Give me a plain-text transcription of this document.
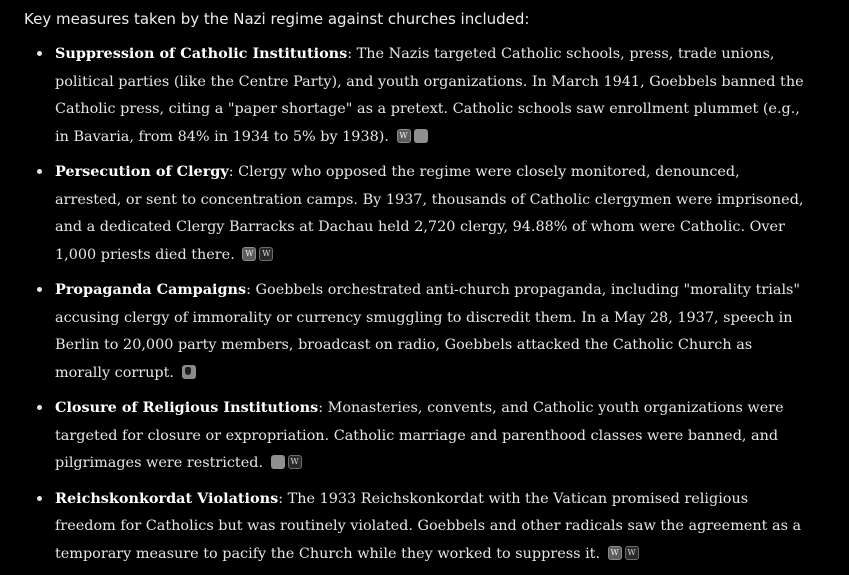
Key measures taken by the Nazi regime against churches included:

Suppression of Catholic Institutions: The Nazis targeted Catholic schools, press, trade unions, political parties (like the Centre Party), and youth organizations. In March 1941, Goebbels banned the Catholic press, citing a "paper shortage" as a pretext. Catholic schools saw enrollment plummet (e.g., in Bavaria, from 84% in 1934 to 5% by 1938). W
Persecution of Clergy: Clergy who opposed the regime were closely monitored, denounced, arrested, or sent to concentration camps. By 1937, thousands of Catholic clergymen were imprisoned, and a dedicated Clergy Barracks at Dachau held 2,720 clergy, 94.88% of whom were Catholic. Over 1,000 priests died there. WW
Propaganda Campaigns: Goebbels orchestrated anti-church propaganda, including "morality trials" accusing clergy of immorality or currency smuggling to discredit them. In a May 28, 1937, speech in Berlin to 20,000 party members, broadcast on radio, Goebbels attacked the Catholic Church as morally corrupt.
Closure of Religious Institutions: Monasteries, convents, and Catholic youth organizations were targeted for closure or expropriation. Catholic marriage and parenthood classes were banned, and pilgrimages were restricted. W
Reichskonkordat Violations: The 1933 Reichskonkordat with the Vatican promised religious freedom for Catholics but was routinely violated. Goebbels and other radicals saw the agreement as a temporary measure to pacify the Church while they worked to suppress it. WW
